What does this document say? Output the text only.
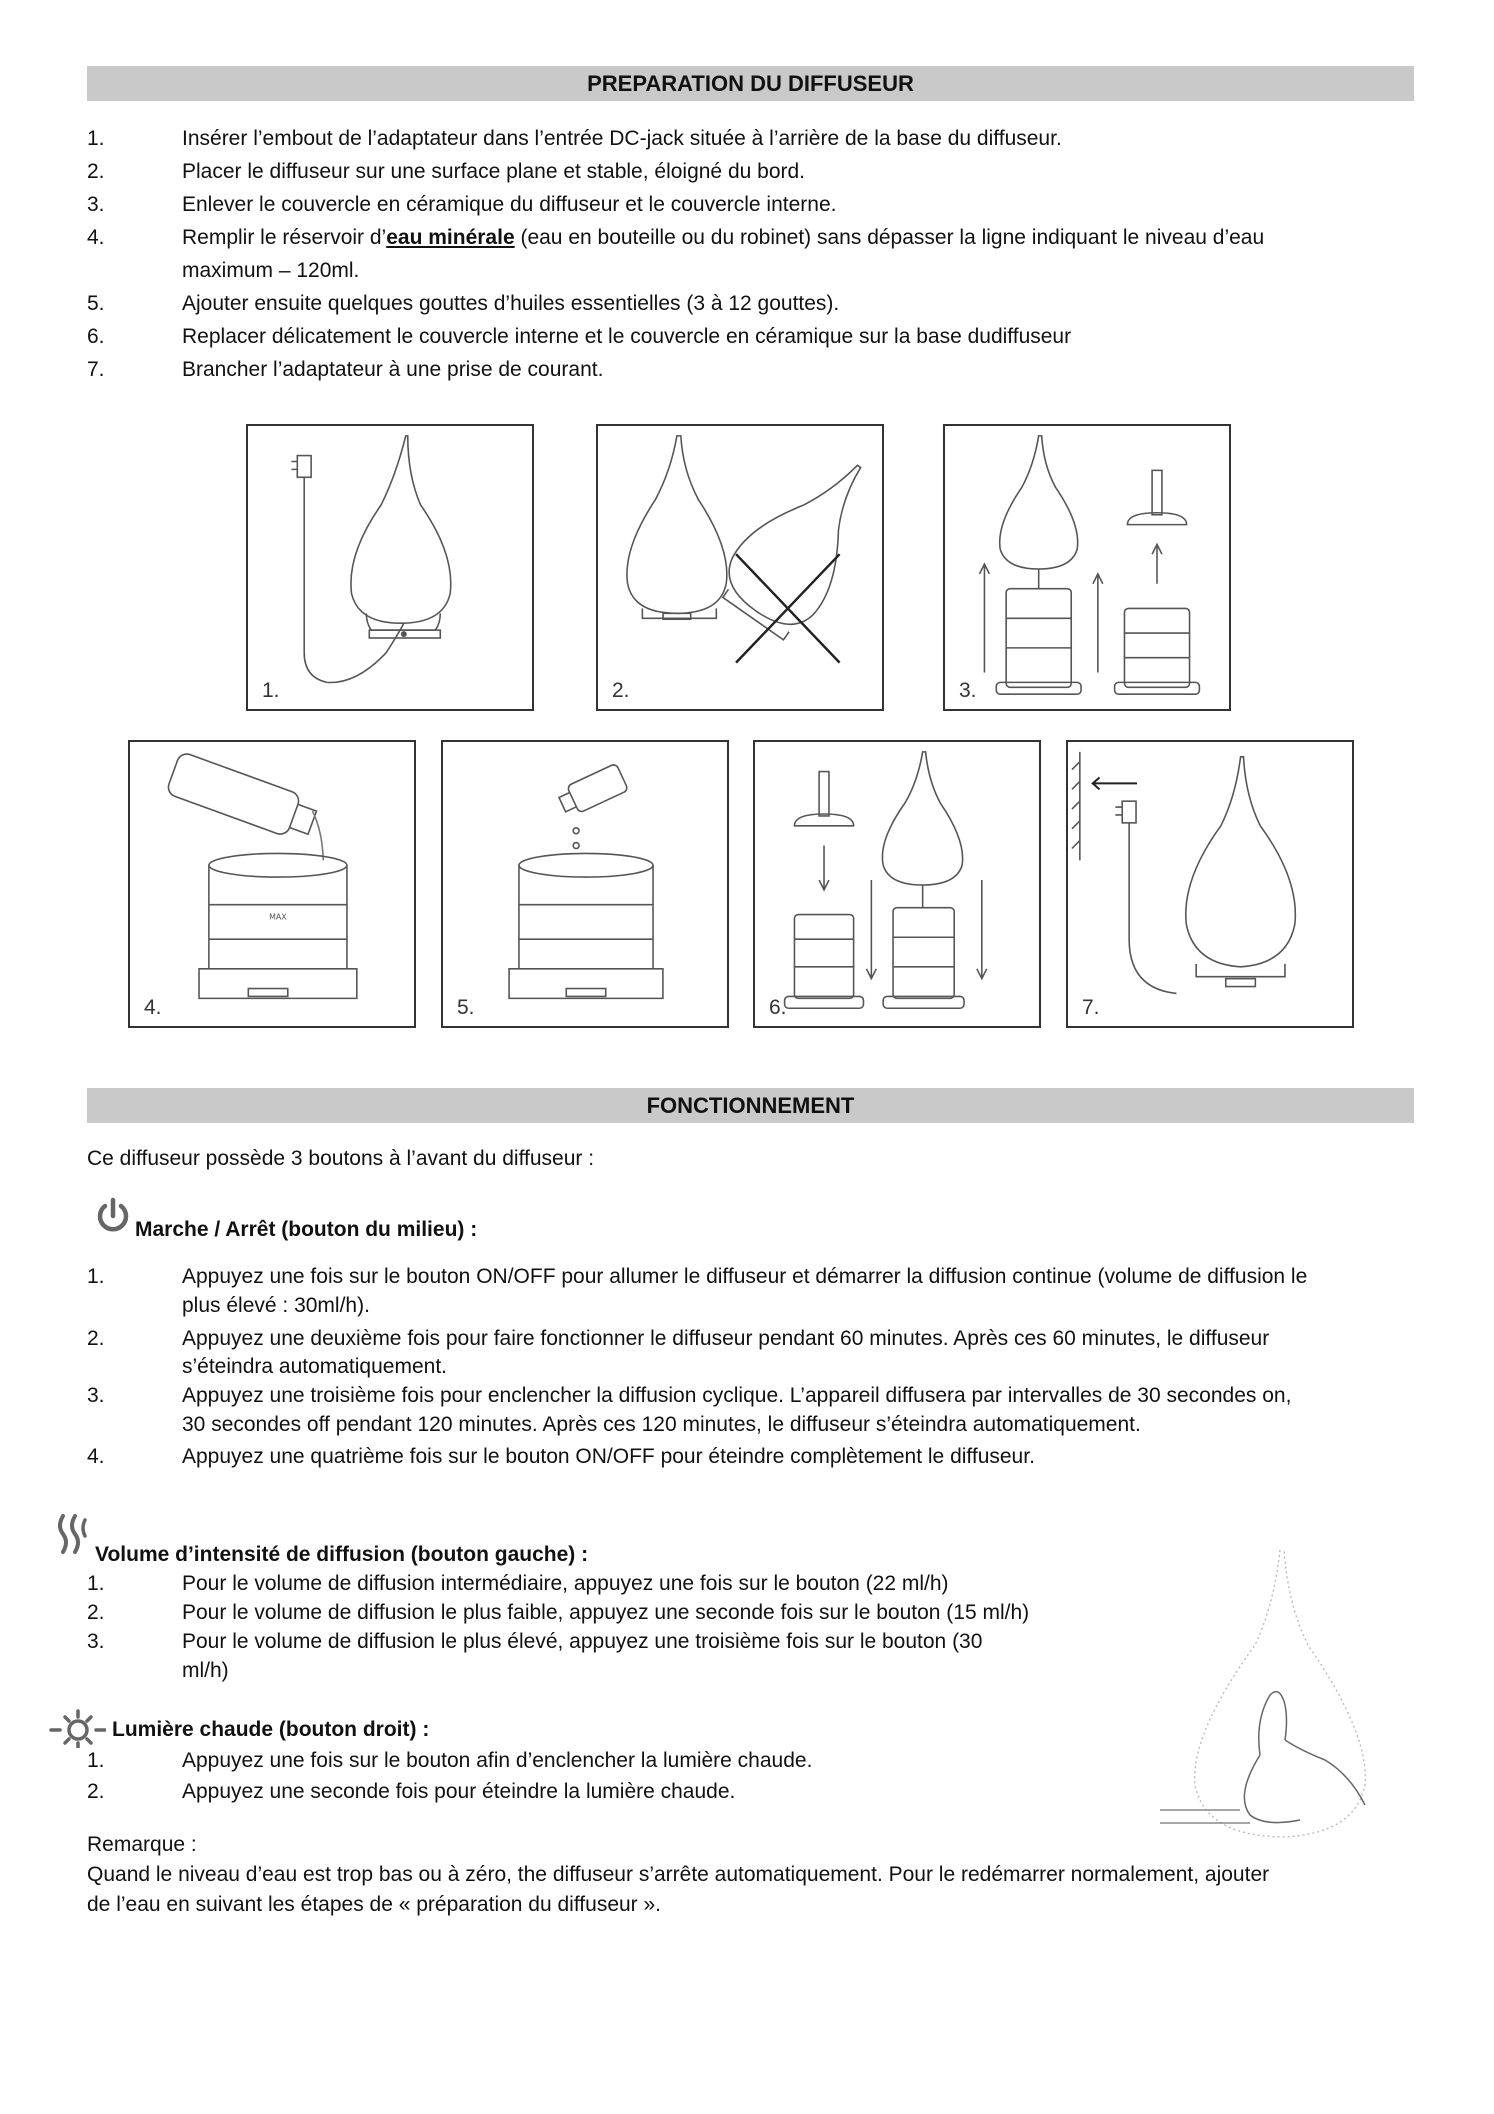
PREPARATION DU DIFFUSEUR
1.	Insérer l’embout de l’adaptateur dans l’entrée DC-jack située à l’arrière de la base du diffuseur.
2.	Placer le diffuseur sur une surface plane et stable, éloigné du bord.
3.	Enlever le couvercle en céramique du diffuseur et le couvercle interne.
4.	Remplir le réservoir d’eau minérale (eau en bouteille ou du robinet) sans dépasser la ligne indiquant le niveau d’eau
maximum – 120ml.
5.	Ajouter ensuite quelques gouttes d’huiles essentielles (3 à 12 gouttes).
6.	Replacer délicatement le couvercle interne et le couvercle en céramique sur la base dudiffuseur
7.	Brancher l’adaptateur à une prise de courant.
1.	2.	3.
MAX
4.	5.	6.	7.
FONCTIONNEMENT
Ce diffuseur possède 3 boutons à l’avant du diffuseur :
Marche / Arrêt (bouton du milieu) :
1.	Appuyez une fois sur le bouton ON/OFF pour allumer le diffuseur et démarrer la diffusion continue (volume de diffusion le
plus élevé : 30ml/h).
2.	Appuyez une deuxième fois pour faire fonctionner le diffuseur pendant 60 minutes. Après ces 60 minutes, le diffuseur
s’éteindra automatiquement.
3.	Appuyez une troisième fois pour enclencher la diffusion cyclique. L’appareil diffusera par intervalles de 30 secondes on,
30 secondes off pendant 120 minutes. Après ces 120 minutes, le diffuseur s’éteindra automatiquement.
4.	Appuyez une quatrième fois sur le bouton ON/OFF pour éteindre complètement le diffuseur.
Volume d’intensité de diffusion (bouton gauche) :
1.	Pour le volume de diffusion intermédiaire, appuyez une fois sur le bouton (22 ml/h)
2.	Pour le volume de diffusion le plus faible, appuyez une seconde fois sur le bouton (15 ml/h)
3.	Pour le volume de diffusion le plus élevé, appuyez une troisième fois sur le bouton (30
ml/h)
Lumière chaude (bouton droit) :
1.	Appuyez une fois sur le bouton afin d’enclencher la lumière chaude.
2.	Appuyez une seconde fois pour éteindre la lumière chaude.
Remarque :
Quand le niveau d’eau est trop bas ou à zéro, the diffuseur s’arrête automatiquement. Pour le redémarrer normalement, ajouter
de l’eau en suivant les étapes de « préparation du diffuseur ».
